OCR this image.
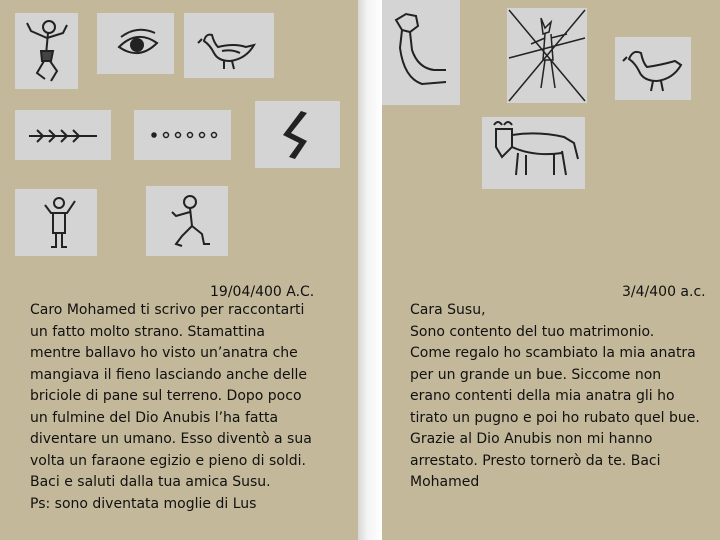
19/04/400 A.C.

Caro Mohamed ti scrivo per raccontarti

un fatto molto strano. Stamattina

mentre ballavo ho visto un’anatra che

mangiava il fieno lasciando anche delle

briciole di pane sul terreno. Dopo poco

un fulmine del Dio Anubis l’ha fatta

diventare un umano. Esso diventò a sua

volta un faraone egizio e pieno di soldi.

Baci e saluti dalla tua amica Susu.

Ps: sono diventata moglie di Lus

3/4/400 a.c.

Cara Susu,

Sono contento del tuo matrimonio.

Come regalo ho scambiato la mia anatra

per un grande un bue. Siccome non

erano contenti della mia anatra gli ho

tirato un pugno e poi ho rubato quel bue.

Grazie al Dio Anubis non mi hanno

arrestato. Presto tornerò da te. Baci

Mohamed
